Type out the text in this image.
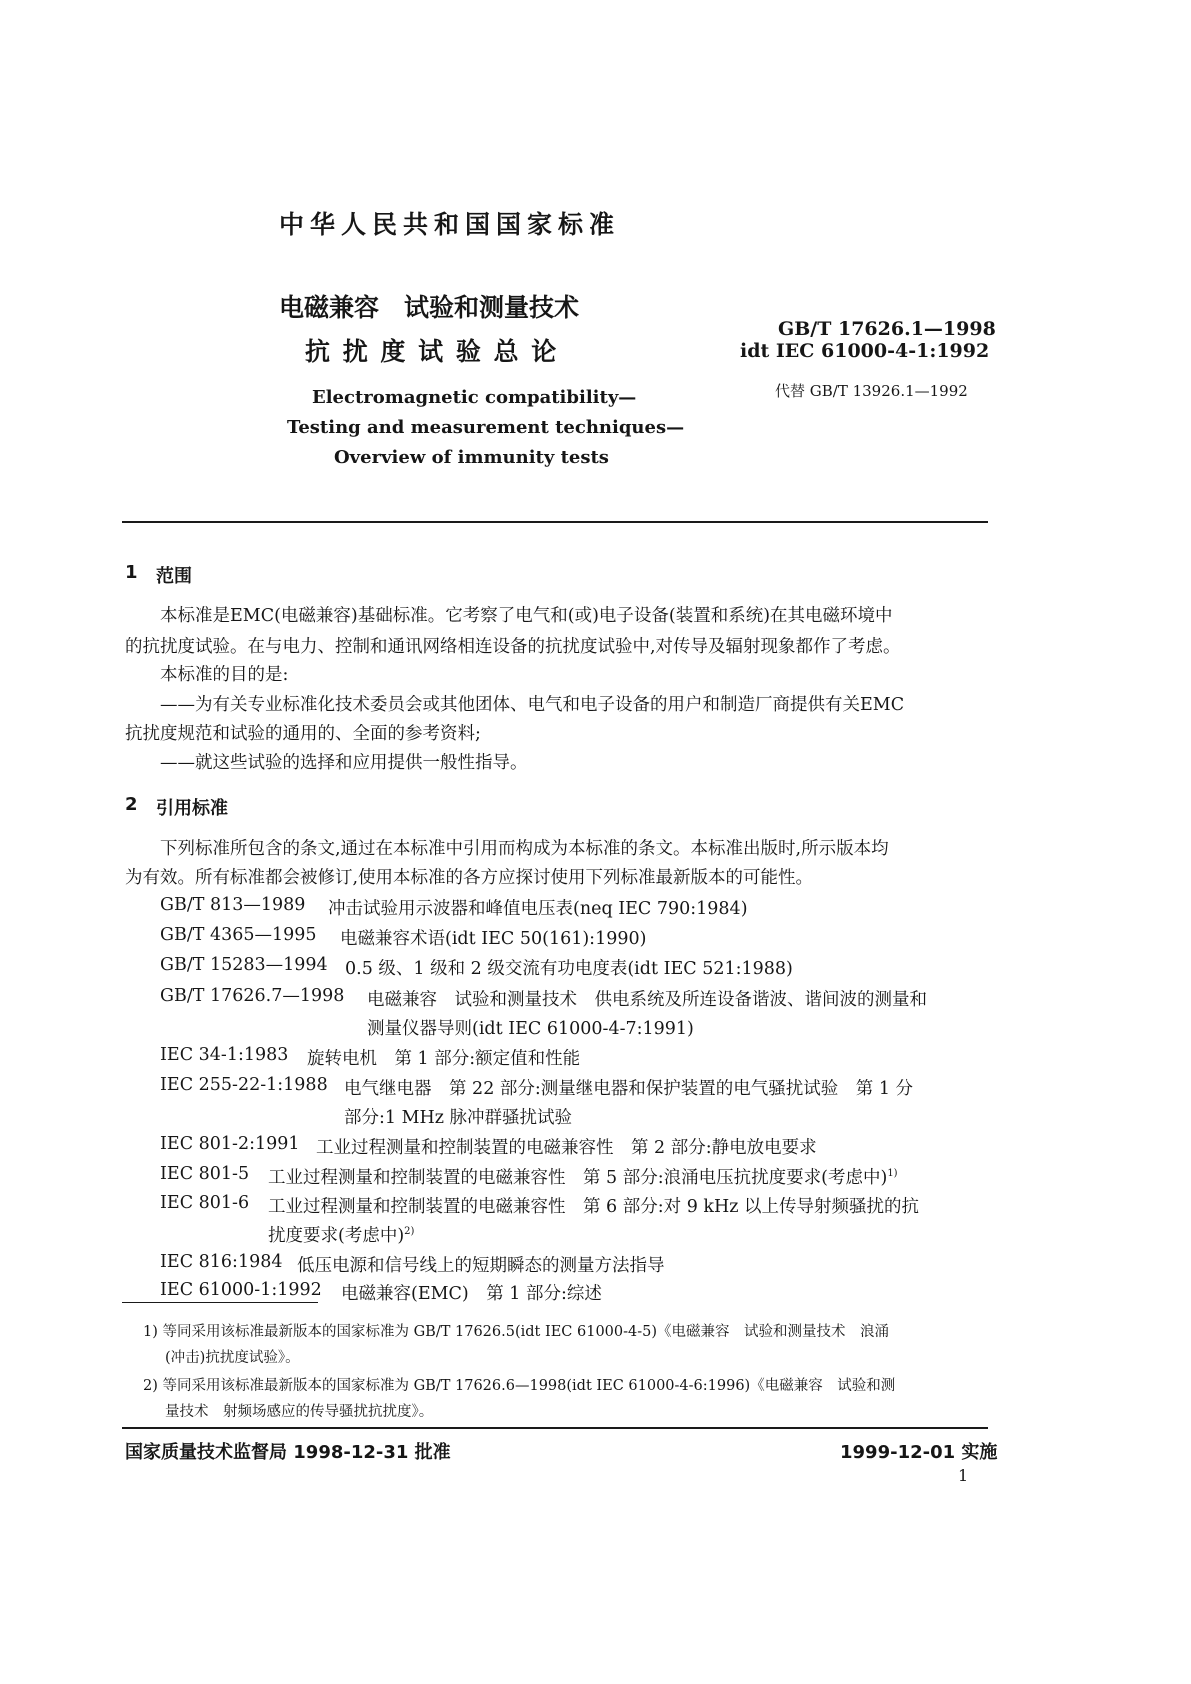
中华人民共和国国家标准
电磁兼容　试验和测量技术
抗 扰 度 试 验 总 论
GB/T 17626.1—1998
idt IEC 61000-4-1:1992
代替 GB/T 13926.1—1992
Electromagnetic compatibility—
Testing and measurement techniques—
Overview of immunity tests
1 范围
本标准是EMC(电磁兼容)基础标准。它考察了电气和(或)电子设备(装置和系统)在其电磁环境中
的抗扰度试验。在与电力、控制和通讯网络相连设备的抗扰度试验中,对传导及辐射现象都作了考虑。
本标准的目的是:
——为有关专业标准化技术委员会或其他团体、电气和电子设备的用户和制造厂商提供有关EMC
抗扰度规范和试验的通用的、全面的参考资料;
——就这些试验的选择和应用提供一般性指导。
2 引用标准
下列标准所包含的条文,通过在本标准中引用而构成为本标准的条文。本标准出版时,所示版本均
为有效。所有标准都会被修订,使用本标准的各方应探讨使用下列标准最新版本的可能性。
GB/T 813—1989 冲击试验用示波器和峰值电压表(neq IEC 790:1984)
GB/T 4365—1995 电磁兼容术语(idt IEC 50(161):1990)
GB/T 15283—1994 0.5 级、1 级和 2 级交流有功电度表(idt IEC 521:1988)
GB/T 17626.7—1998 电磁兼容　试验和测量技术　供电系统及所连设备谐波、谐间波的测量和
测量仪器导则(idt IEC 61000-4-7:1991)
IEC 34-1:1983 旋转电机　第 1 部分:额定值和性能
IEC 255-22-1:1988 电气继电器　第 22 部分:测量继电器和保护装置的电气骚扰试验　第 1 分
部分:1 MHz 脉冲群骚扰试验
IEC 801-2:1991 工业过程测量和控制装置的电磁兼容性　第 2 部分:静电放电要求
IEC 801-5 工业过程测量和控制装置的电磁兼容性　第 5 部分:浪涌电压抗扰度要求(考虑中)$^{1)}$
IEC 801-6 工业过程测量和控制装置的电磁兼容性　第 6 部分:对 9 kHz 以上传导射频骚扰的抗
扰度要求(考虑中)$^{2)}$
IEC 816:1984 低压电源和信号线上的短期瞬态的测量方法指导
IEC 61000-1:1992 电磁兼容(EMC)　第 1 部分:综述
1) 等同采用该标准最新版本的国家标准为 GB/T 17626.5(idt IEC 61000-4-5)《电磁兼容　试验和测量技术　浪涌
(冲击)抗扰度试验》。
2) 等同采用该标准最新版本的国家标准为 GB/T 17626.6—1998(idt IEC 61000-4-6:1996)《电磁兼容　试验和测
量技术　射频场感应的传导骚扰抗扰度》。
国家质量技术监督局 1998-12-31 批准	1999-12-01 实施
1
